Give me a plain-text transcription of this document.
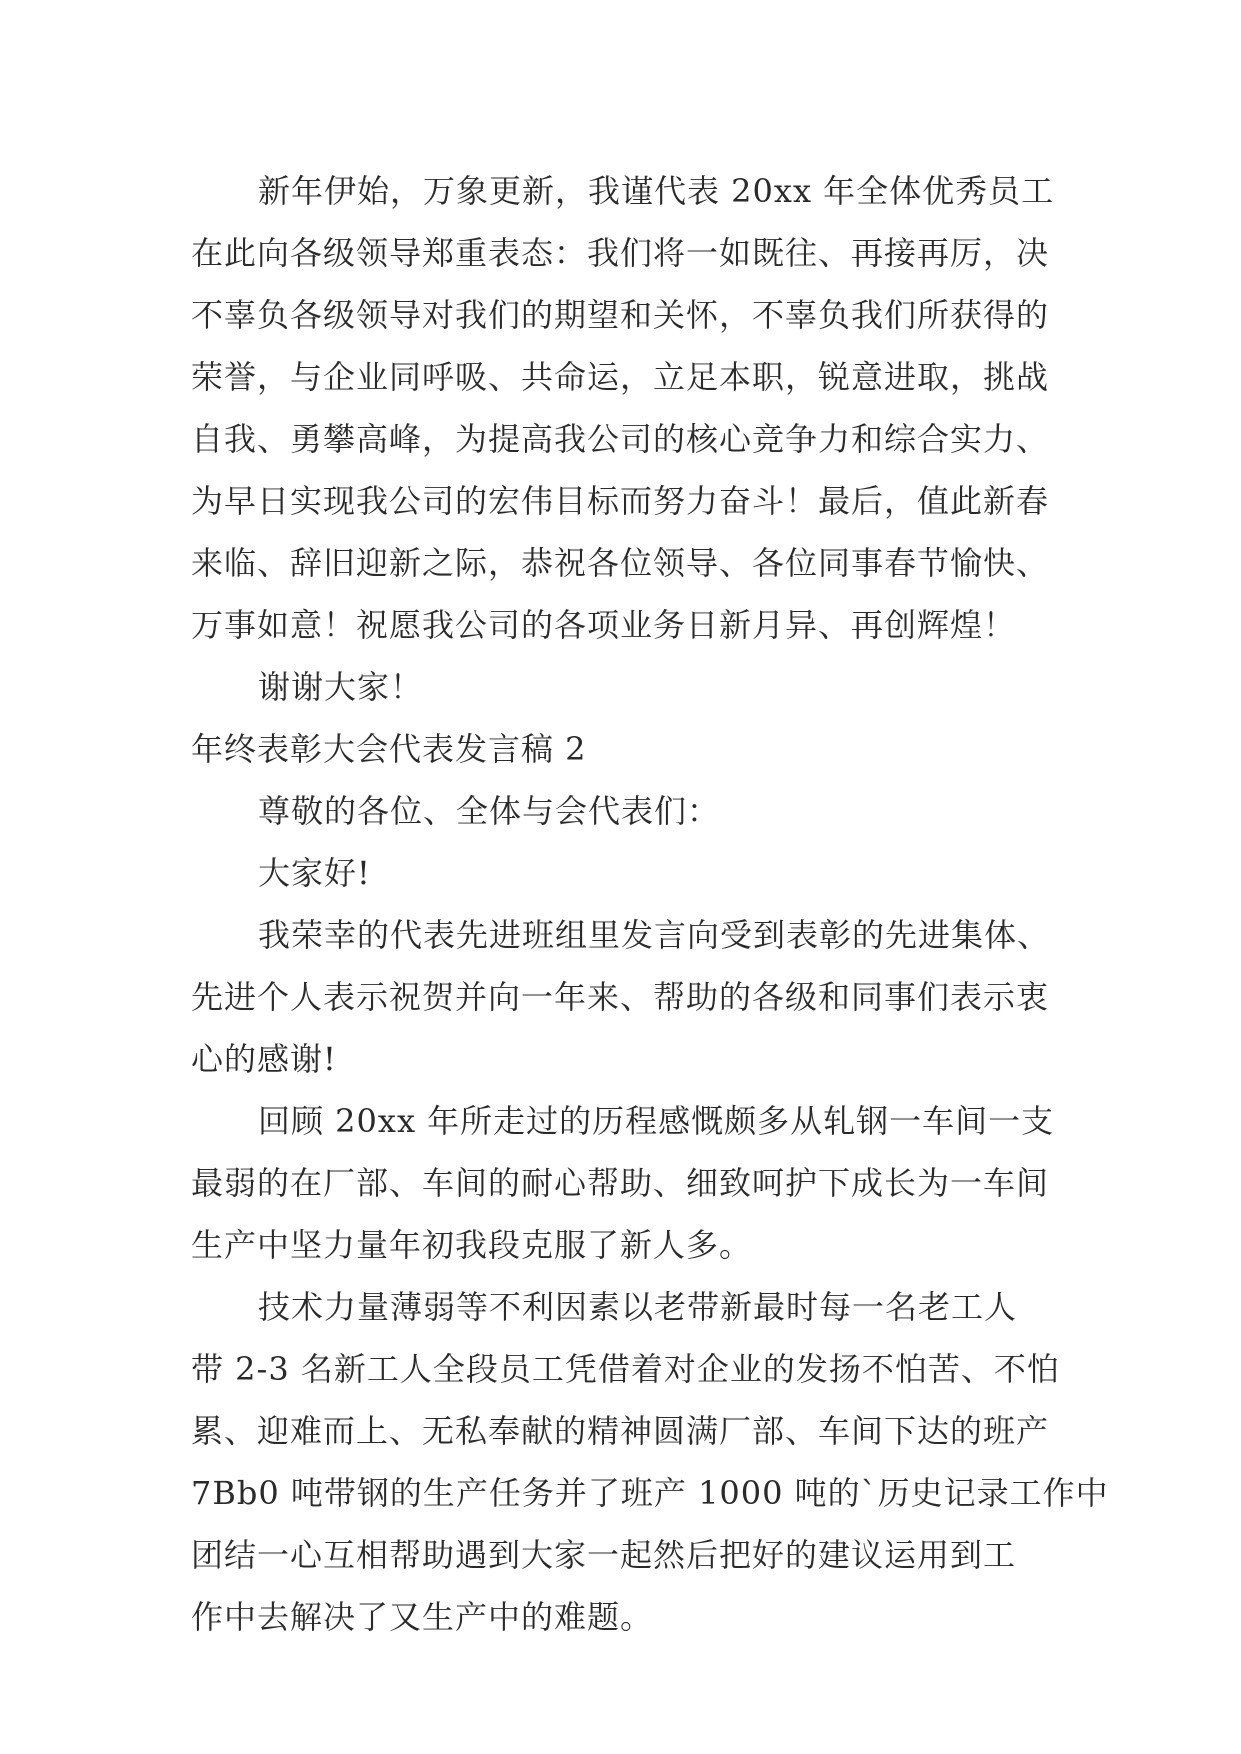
新年伊始，万象更新，我谨代表 20xx 年全体优秀员工
在此向各级领导郑重表态：我们将一如既往、再接再厉，决
不辜负各级领导对我们的期望和关怀，不辜负我们所获得的
荣誉，与企业同呼吸、共命运，立足本职，锐意进取，挑战
自我、勇攀高峰，为提高我公司的核心竞争力和综合实力、
为早日实现我公司的宏伟目标而努力奋斗！最后，值此新春
来临、辞旧迎新之际，恭祝各位领导、各位同事春节愉快、
万事如意！祝愿我公司的各项业务日新月异、再创辉煌！
谢谢大家！
年终表彰大会代表发言稿 2
尊敬的各位、全体与会代表们：
大家好!
我荣幸的代表先进班组里发言向受到表彰的先进集体、
先进个人表示祝贺并向一年来、帮助的各级和同事们表示衷
心的感谢!
回顾 20xx 年所走过的历程感慨颇多从轧钢一车间一支
最弱的在厂部、车间的耐心帮助、细致呵护下成长为一车间
生产中坚力量年初我段克服了新人多。
技术力量薄弱等不利因素以老带新最时每一名老工人
带 2-3 名新工人全段员工凭借着对企业的发扬不怕苦、不怕
累、迎难而上、无私奉献的精神圆满厂部、车间下达的班产
7Bb0 吨带钢的生产任务并了班产 1000 吨的`历史记录工作中
团结一心互相帮助遇到大家一起然后把好的建议运用到工
作中去解决了又生产中的难题。
